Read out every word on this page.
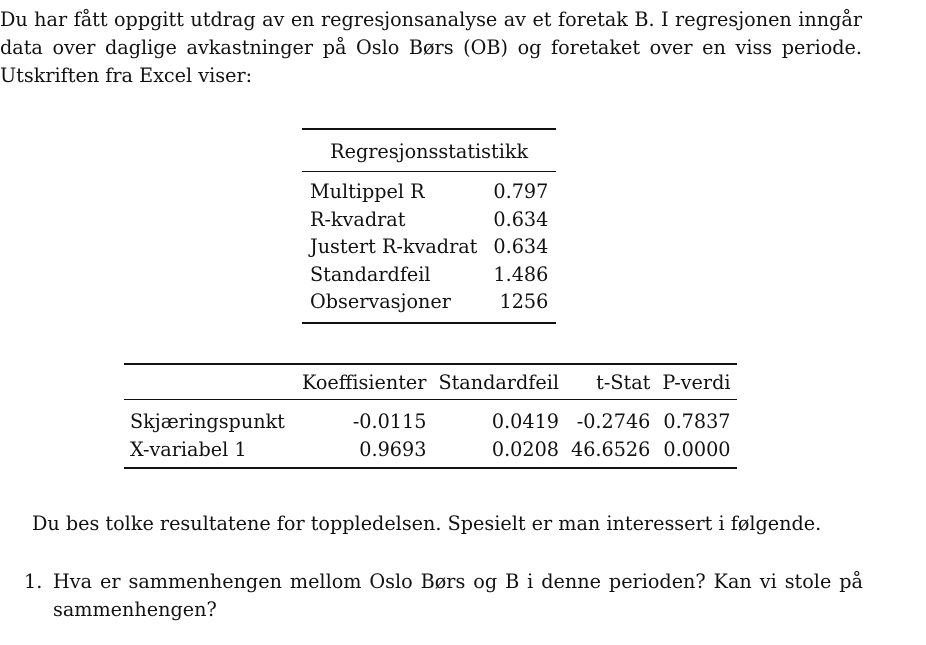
Du har fått oppgitt utdrag av en regresjonsanalyse av et foretak B. I regresjonen inngår
data over daglige avkastninger på Oslo Børs (OB) og foretaket over en viss periode.
Utskriften fra Excel viser:
Regresjonsstatistikk	
Multippel R	0.797
R-kvadrat	0.634
Justert R-kvadrat	0.634
Standardfeil	1.486
Observasjoner	1256
	Koeffisienter	Standardfeil	t-Stat	P-verdi
Skjæringspunkt	-0.0115	0.0419	-0.2746	0.7837
X-variabel 1	0.9693	0.0208	46.6526	0.0000

Du bes tolke resultatene for toppledelsen. Spesielt er man interessert i følgende.

1. Hva er sammenhengen mellom Oslo Børs og B i denne perioden? Kan vi stole på
sammenhengen?
